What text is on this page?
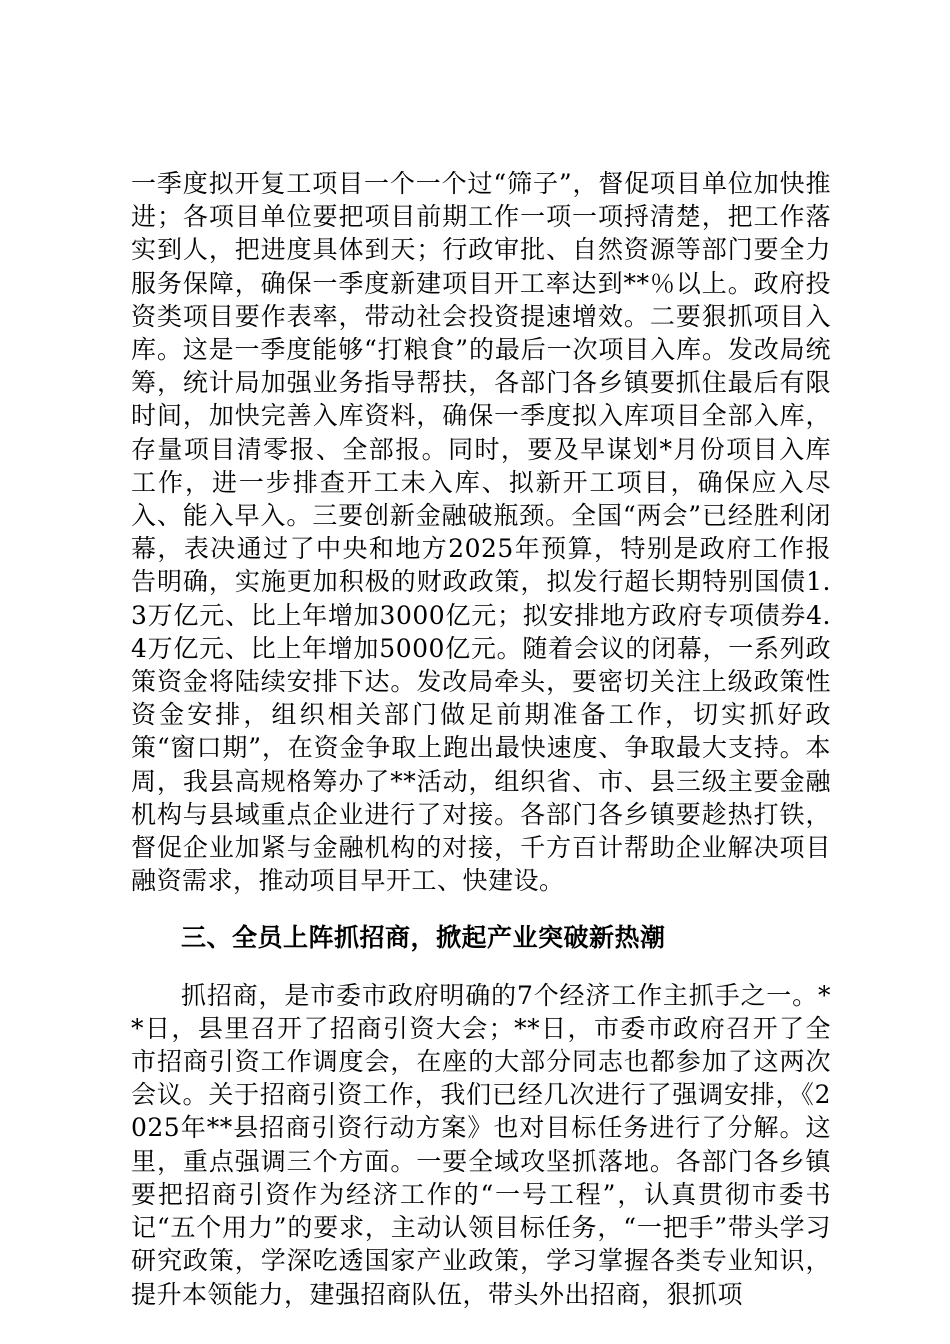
一季度拟开复工项目一个一个过“筛子”，督促项目单位加快推进；各项目单位要把项目前期工作一项一项捋清楚，把工作落实到人，把进度具体到天；行政审批、自然资源等部门要全力服务保障，确保一季度新建项目开工率达到**％以上。政府投资类项目要作表率，带动社会投资提速增效。二要狠抓项目入库。这是一季度能够“打粮食”的最后一次项目入库。发改局统筹，统计局加强业务指导帮扶，各部门各乡镇要抓住最后有限时间，加快完善入库资料，确保一季度拟入库项目全部入库，存量项目清零报、全部报。同时，要及早谋划*月份项目入库工作，进一步排查开工未入库、拟新开工项目，确保应入尽入、能入早入。三要创新金融破瓶颈。全国“两会”已经胜利闭幕，表决通过了中央和地方2025年预算，特别是政府工作报告明确，实施更加积极的财政政策，拟发行超长期特别国债1.3万亿元、比上年增加3000亿元；拟安排地方政府专项债券4.4万亿元、比上年增加5000亿元。随着会议的闭幕，一系列政策资金将陆续安排下达。发改局牵头，要密切关注上级政策性资金安排，组织相关部门做足前期准备工作，切实抓好政策“窗口期”，在资金争取上跑出最快速度、争取最大支持。本周，我县高规格筹办了**活动，组织省、市、县三级主要金融机构与县域重点企业进行了对接。各部门各乡镇要趁热打铁，督促企业加紧与金融机构的对接，千方百计帮助企业解决项目融资需求，推动项目早开工、快建设。

三、全员上阵抓招商，掀起产业突破新热潮

抓招商，是市委市政府明确的7个经济工作主抓手之一。**日，县里召开了招商引资大会；**日，市委市政府召开了全市招商引资工作调度会，在座的大部分同志也都参加了这两次会议。关于招商引资工作，我们已经几次进行了强调安排，《2025年**县招商引资行动方案》也对目标任务进行了分解。这里，重点强调三个方面。一要全域攻坚抓落地。各部门各乡镇要把招商引资作为经济工作的“一号工程”，认真贯彻市委书记“五个用力”的要求，主动认领目标任务，“一把手”带头学习研究政策，学深吃透国家产业政策，学习掌握各类专业知识，提升本领能力，建强招商队伍，带头外出招商，狠抓项
